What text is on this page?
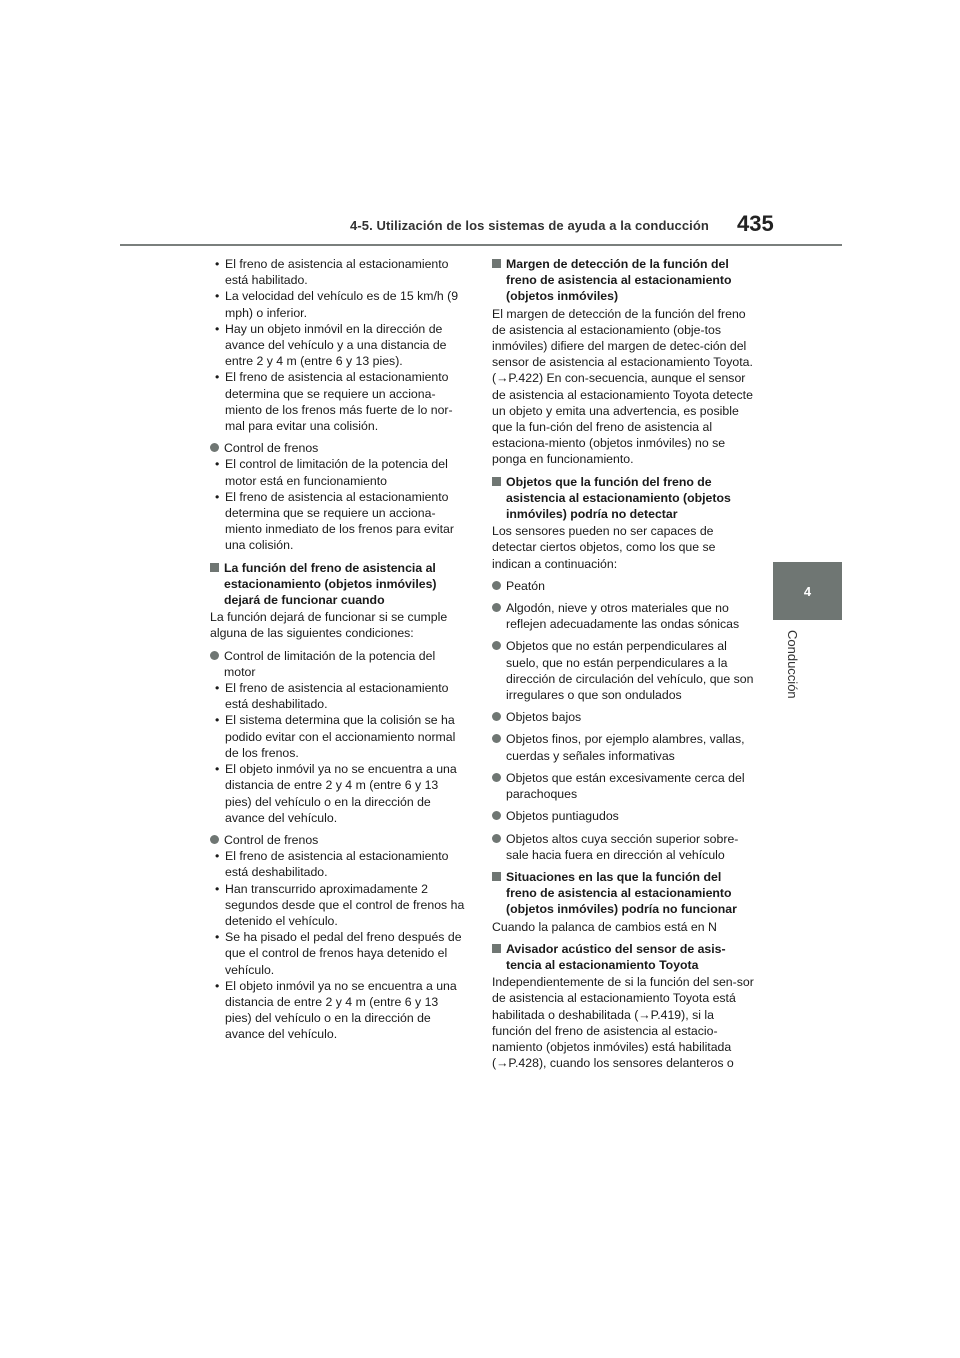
4-5. Utilización de los sistemas de ayuda a la conducción 435
4
Conducción
• El freno de asistencia al estacionamiento está habilitado.
• La velocidad del vehículo es de 15 km/h (9 mph) o inferior.
• Hay un objeto inmóvil en la dirección de avance del vehículo y a una distancia de entre 2 y 4 m (entre 6 y 13 pies).
• El freno de asistencia al estacionamiento determina que se requiere un acciona-miento de los frenos más fuerte de lo nor-mal para evitar una colisión.
Control de frenos
• El control de limitación de la potencia del motor está en funcionamiento
• El freno de asistencia al estacionamiento determina que se requiere un acciona-miento inmediato de los frenos para evitar una colisión.
La función del freno de asistencia al estacionamiento (objetos inmóviles) dejará de funcionar cuando
La función dejará de funcionar si se cumple alguna de las siguientes condiciones:
Control de limitación de la potencia del motor
• El freno de asistencia al estacionamiento está deshabilitado.
• El sistema determina que la colisión se ha podido evitar con el accionamiento normal de los frenos.
• El objeto inmóvil ya no se encuentra a una distancia de entre 2 y 4 m (entre 6 y 13 pies) del vehículo o en la dirección de avance del vehículo.
Control de frenos
• El freno de asistencia al estacionamiento está deshabilitado.
• Han transcurrido aproximadamente 2 segundos desde que el control de frenos ha detenido el vehículo.
• Se ha pisado el pedal del freno después de que el control de frenos haya detenido el vehículo.
• El objeto inmóvil ya no se encuentra a una distancia de entre 2 y 4 m (entre 6 y 13 pies) del vehículo o en la dirección de avance del vehículo.
Margen de detección de la función del freno de asistencia al estacionamiento (objetos inmóviles)
El margen de detección de la función del freno de asistencia al estacionamiento (obje-tos inmóviles) difiere del margen de detec-ción del sensor de asistencia al estacionamiento Toyota. (→P.422) En con-secuencia, aunque el sensor de asistencia al estacionamiento Toyota detecte un objeto y emita una advertencia, es posible que la fun-ción del freno de asistencia al estaciona-miento (objetos inmóviles) no se ponga en funcionamiento.
Objetos que la función del freno de asistencia al estacionamiento (objetos inmóviles) podría no detectar
Los sensores pueden no ser capaces de detectar ciertos objetos, como los que se indican a continuación:
Peatón
Algodón, nieve y otros materiales que no reflejen adecuadamente las ondas sónicas
Objetos que no están perpendiculares al suelo, que no están perpendiculares a la dirección de circulación del vehículo, que son irregulares o que son ondulados
Objetos bajos
Objetos finos, por ejemplo alambres, vallas, cuerdas y señales informativas
Objetos que están excesivamente cerca del parachoques
Objetos puntiagudos
Objetos altos cuya sección superior sobre-sale hacia fuera en dirección al vehículo
Situaciones en las que la función del freno de asistencia al estacionamiento (objetos inmóviles) podría no funcionar
Cuando la palanca de cambios está en N
Avisador acústico del sensor de asis-tencia al estacionamiento Toyota
Independientemente de si la función del sen-sor de asistencia al estacionamiento Toyota está habilitada o deshabilitada (→P.419), si la función del freno de asistencia al estacio-namiento (objetos inmóviles) está habilitada (→P.428), cuando los sensores delanteros o
